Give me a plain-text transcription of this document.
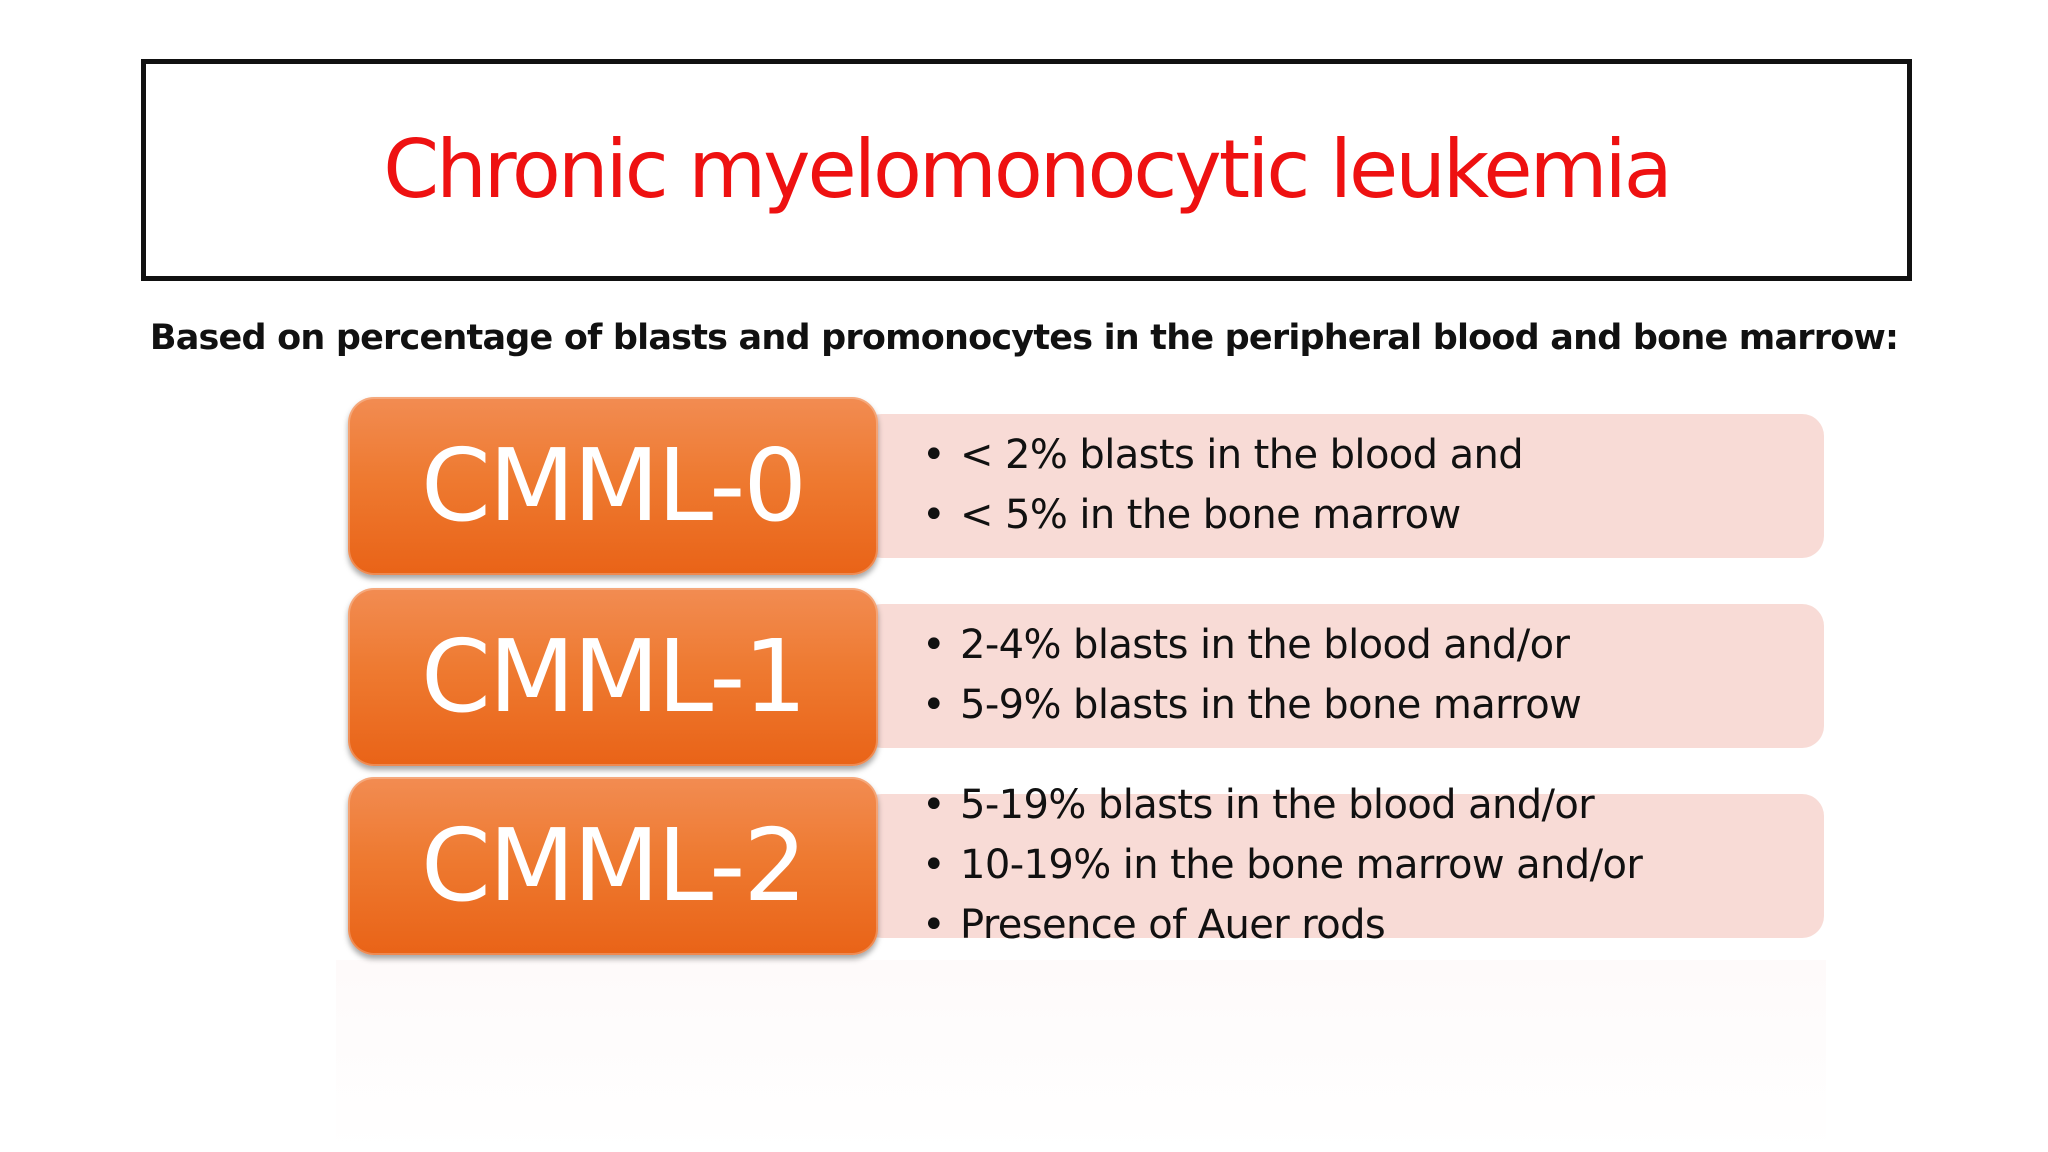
Chronic myelomonocytic leukemia
Based on percentage of blasts and promonocytes in the peripheral blood and bone marrow:
CMML-0	• < 2% blasts in the blood and
• < 5% in the bone marrow
CMML-1	• 2-4% blasts in the blood and/or
• 5-9% blasts in the bone marrow
CMML-2
• 5-19% blasts in the blood and/or
• 10-19% in the bone marrow and/or
• Presence of Auer rods
